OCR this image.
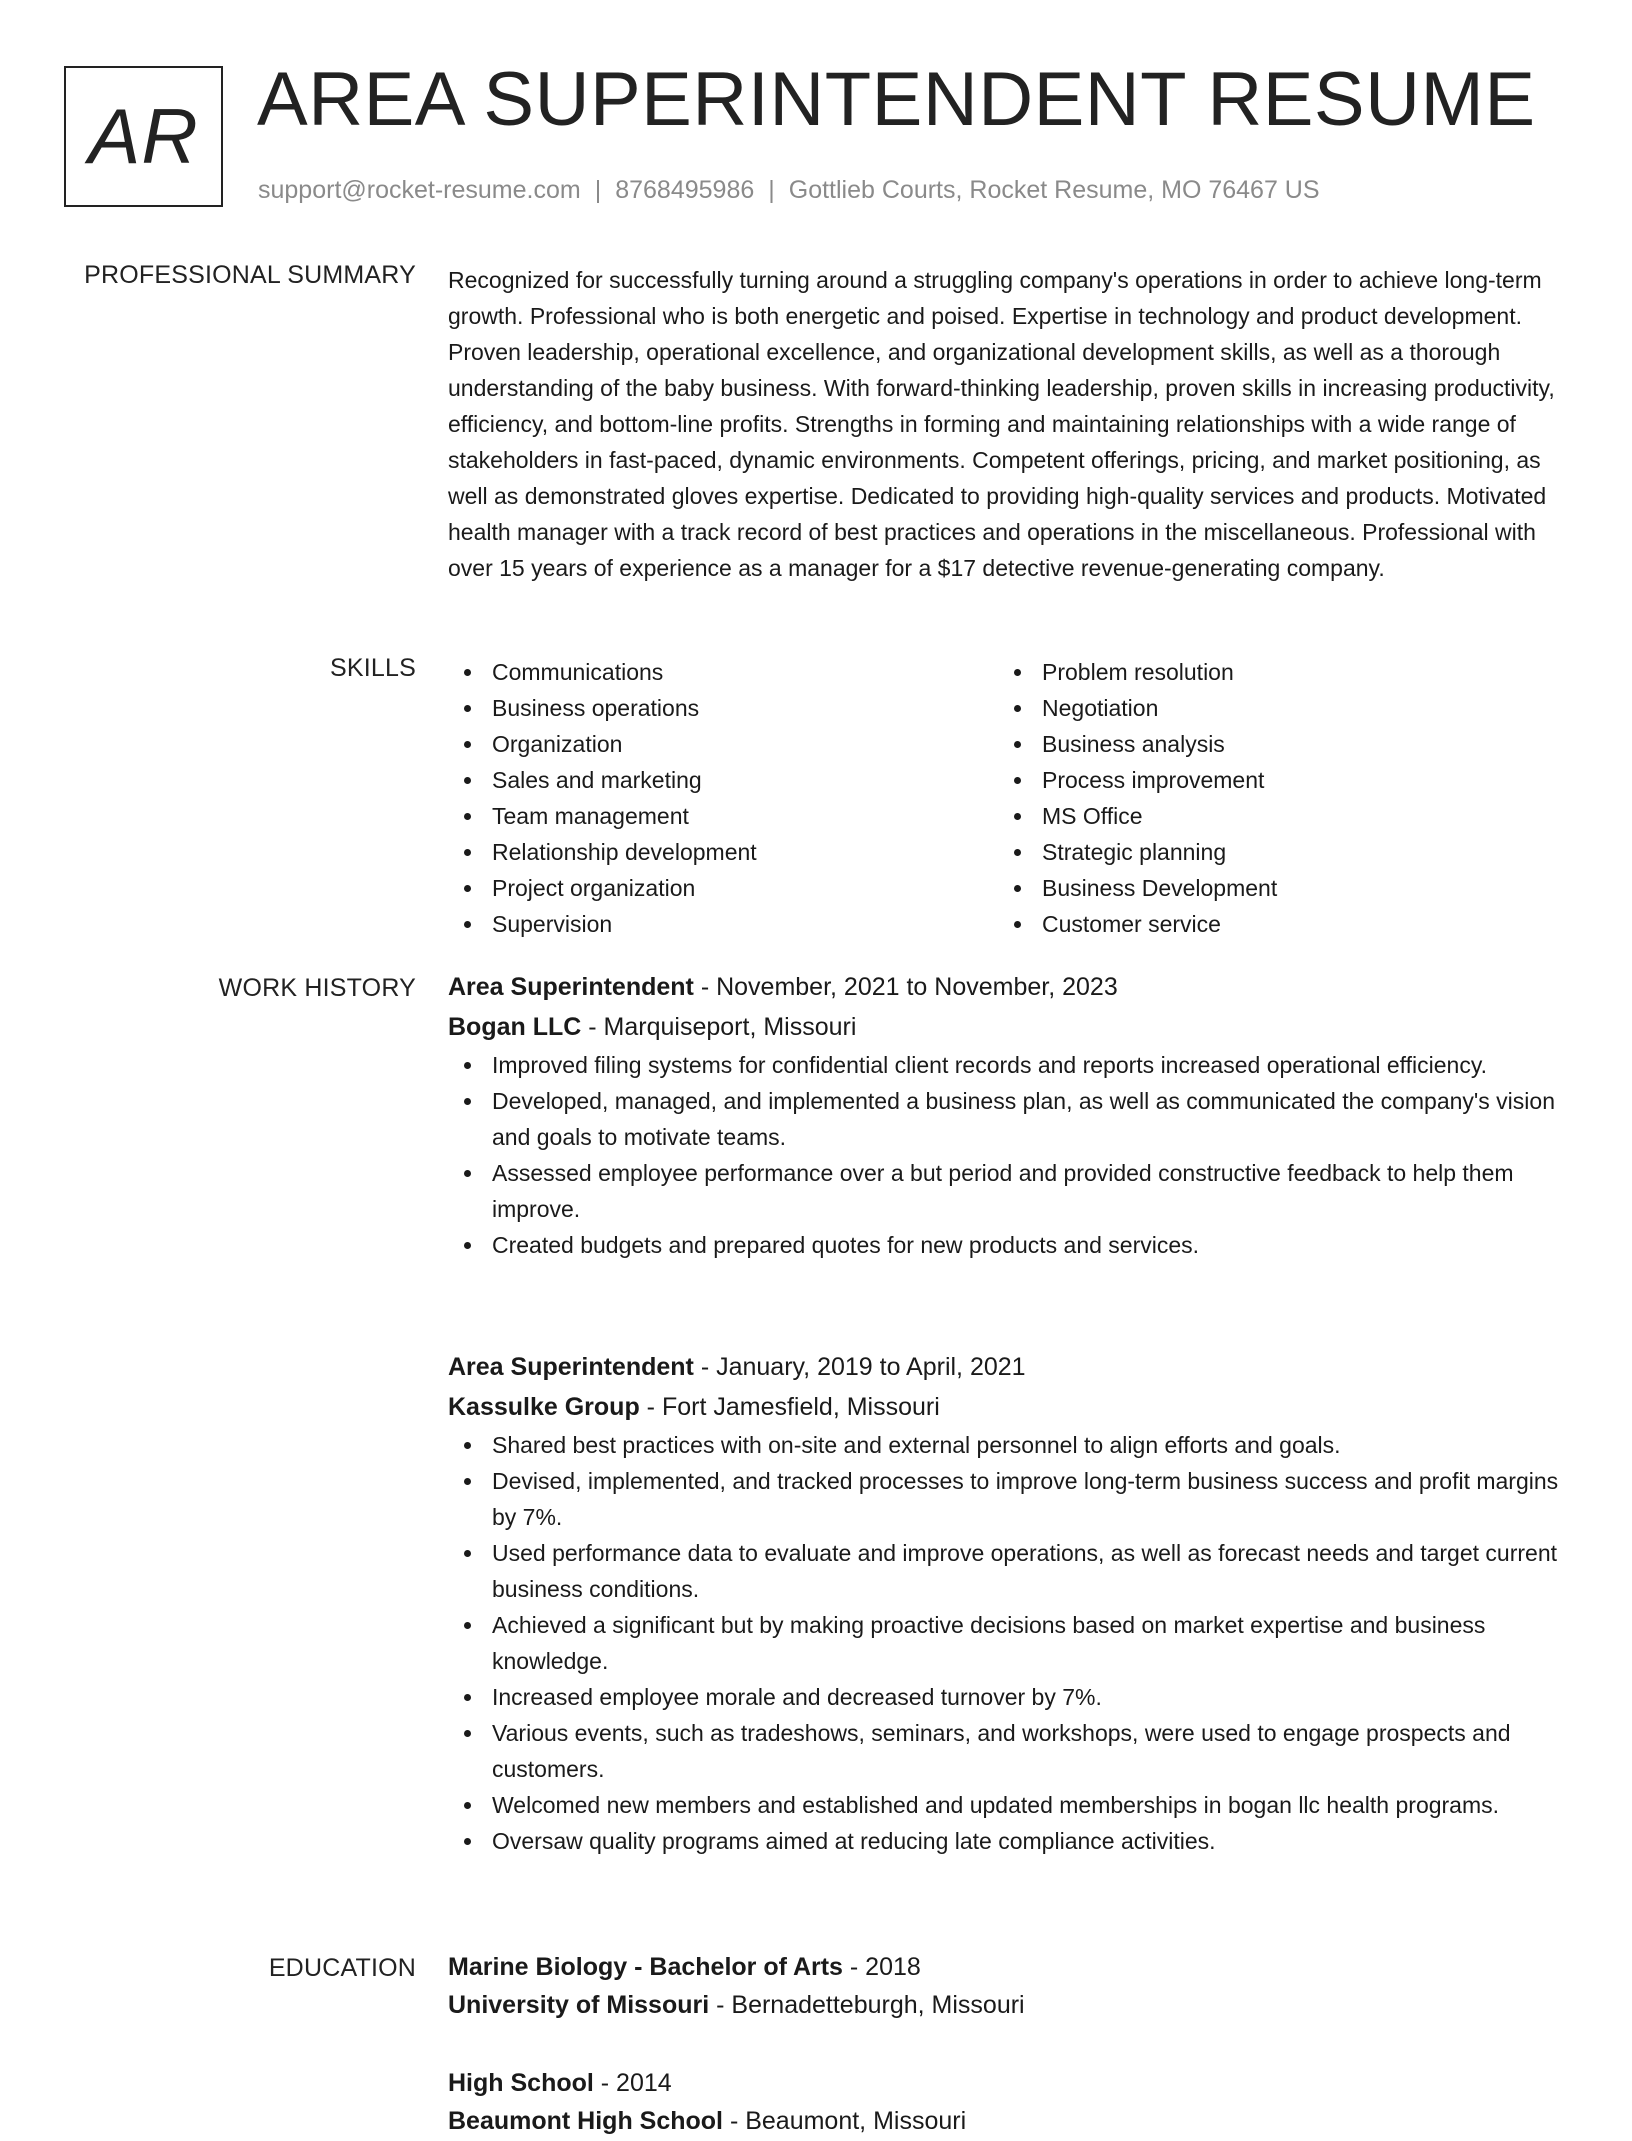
AR AREA SUPERINTENDENT RESUME
support@rocket-resume.com | 8768495986 | Gottlieb Courts, Rocket Resume, MO 76467 US
PROFESSIONAL SUMMARY Recognized for successfully turning around a struggling company's operations in order to achieve long-term growth. Professional who is both energetic and poised. Expertise in technology and product development. Proven leadership, operational excellence, and organizational development skills, as well as a thorough understanding of the baby business. With forward-thinking leadership, proven skills in increasing productivity, efficiency, and bottom-line profits. Strengths in forming and maintaining relationships with a wide range of stakeholders in fast-paced, dynamic environments. Competent offerings, pricing, and market positioning, as well as demonstrated gloves expertise. Dedicated to providing high-quality services and products. Motivated health manager with a track record of best practices and operations in the miscellaneous. Professional with over 15 years of experience as a manager for a $17 detective revenue-generating company.

SKILLS	Communications
Business operations
Organization
Sales and marketing
Team management
Relationship development
Project organization
Supervision
Problem resolution
Negotiation
Business analysis
Process improvement
MS Office
Strategic planning
Business Development
Customer service
WORK HISTORY Area Superintendent - November, 2021 to November, 2023
Bogan LLC - Marquiseport, Missouri
Improved filing systems for confidential client records and reports increased operational efficiency.
Developed, managed, and implemented a business plan, as well as communicated the company's vision and goals to motivate teams.
Assessed employee performance over a but period and provided constructive feedback to help them improve.
Created budgets and prepared quotes for new products and services.
Area Superintendent - January, 2019 to April, 2021
Kassulke Group - Fort Jamesfield, Missouri
Shared best practices with on-site and external personnel to align efforts and goals.
Devised, implemented, and tracked processes to improve long-term business success and profit margins by 7%.
Used performance data to evaluate and improve operations, as well as forecast needs and target current business conditions.
Achieved a significant but by making proactive decisions based on market expertise and business knowledge.
Increased employee morale and decreased turnover by 7%.
Various events, such as tradeshows, seminars, and workshops, were used to engage prospects and customers.
Welcomed new members and established and updated memberships in bogan llc health programs.
Oversaw quality programs aimed at reducing late compliance activities.
EDUCATION Marine Biology - Bachelor of Arts - 2018
University of Missouri - Bernadetteburgh, Missouri
High School - 2014
Beaumont High School - Beaumont, Missouri
